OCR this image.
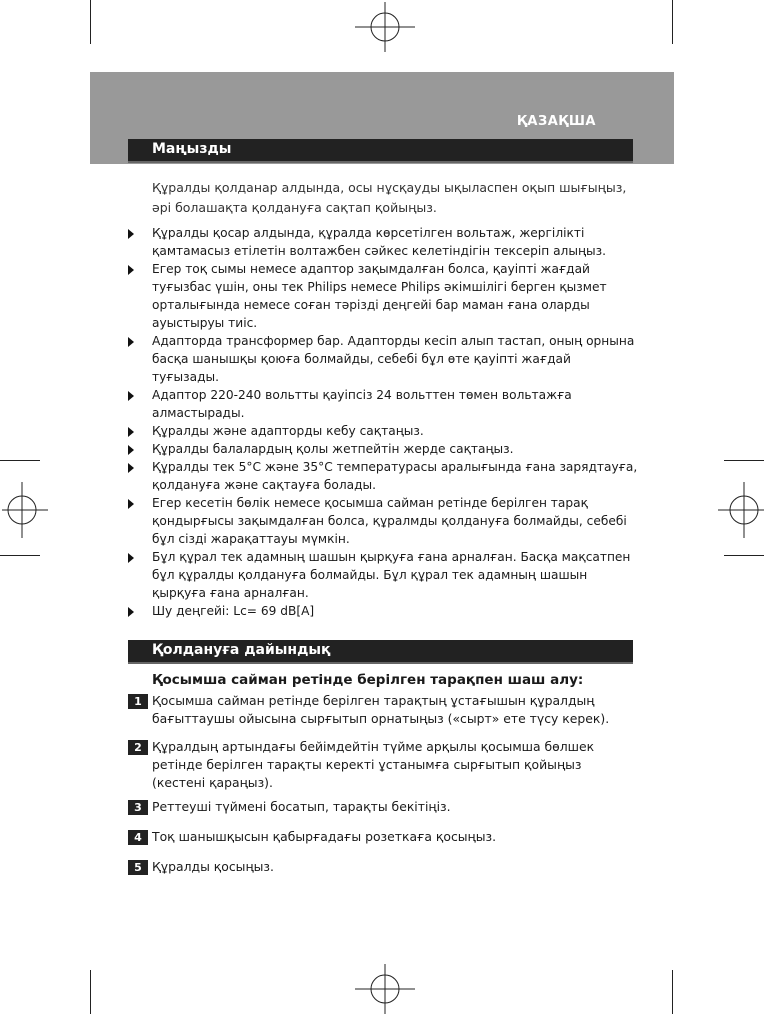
ҚАЗАҚША
Маңызды
Құралды қолданар алдында, осы нұсқауды ықыласпен оқып шығыңыз, әрі болашақта қолдануға сақтап қойыңыз.
Құралды қосар алдында, құралда көрсетілген вольтаж, жергілікті қамтамасыз етілетін волтажбен сәйкес келетіндігін тексеріп алыңыз.
Егер тоқ сымы немесе адаптор зақымдалған болса, қауіпті жағдай туғызбас үшін, оны тек Philips немесе Philips әкімшілігі берген қызмет орталығында немесе соған тәрізді деңгейі бар маман ғана оларды ауыстыруы тиіс.
Адапторда трансформер бар. Адапторды кесіп алып тастап, оның орнына басқа шанышқы қоюға болмайды, себебі бұл өте қауіпті жағдай туғызады.
Адаптор 220-240 вольтты қауіпсіз 24 вольттен төмен вольтажға алмастырады.
Құралды және адапторды кебу сақтаңыз.
Құралды балалардың қолы жетпейтін жерде сақтаңыз.
Құралды тек 5°С және 35°С температурасы аралығында ғана зарядтауға, қолдануға және сақтауға болады.
Егер кесетін бөлік немесе қосымша сайман ретінде берілген тарақ қондырғысы зақымдалған болса, құралмды қолдануға болмайды, себебі бұл сізді жарақаттауы мүмкін.
Бұл құрал тек адамның шашын қырқуға ғана арналған. Басқа мақсатпен бұл құралды қолдануға болмайды. Бұл құрал тек адамның шашын қырқуға ғана арналған.
Шу деңгейі: Lc= 69 dB[A]
Қолдануға дайындық
Қосымша сайман ретінде берілген тарақпен шаш алу:
1 Қосымша сайман ретінде берілген тарақтың ұстағышын құралдың бағыттаушы ойысына сырғытып орнатыңыз («сырт» ете түсу керек).
2 Құралдың артындағы бейімдейтін түйме арқылы қосымша бөлшек ретінде берілген тарақты керекті ұстанымға сырғытып қойыңыз (кестені қараңыз).
3 Реттеуші түймені босатып, тарақты бекітіңіз.
4 Тоқ шанышқысын қабырғадағы розеткаға қосыңыз.
5 Құралды қосыңыз.
